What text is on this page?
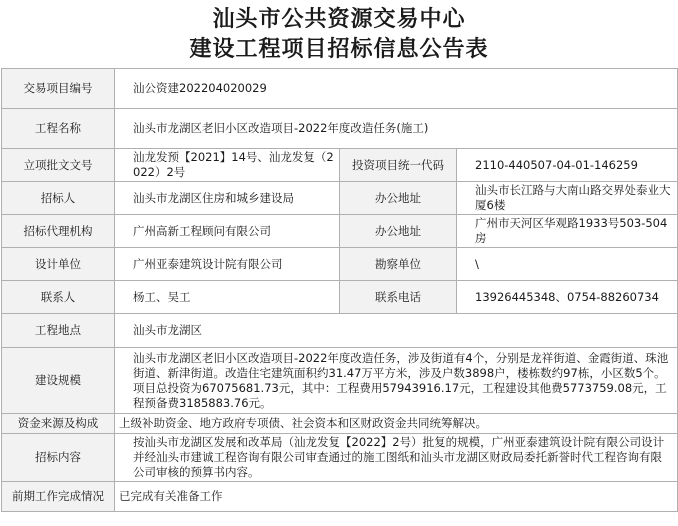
汕头市公共资源交易中心
建设工程项目招标信息公告表
交易项目编号	汕公资建202204020029		
工程名称	汕头市龙湖区老旧小区改造项目-2022年度改造任务(施工)		
立项批文文号	汕龙发预【2021】14号、汕龙发复（2022）2号	投资项目统一代码	2110-440507-04-01-146259
招标人	汕头市龙湖区住房和城乡建设局	办公地址	汕头市长江路与大南山路交界处泰业大厦6楼
招标代理机构	广州高新工程顾问有限公司	办公地址	广州市天河区华观路1933号503-504房
设计单位	广州亚泰建筑设计院有限公司	勘察单位	\
联系人	杨工、吴工	联系电话	13926445348、0754-88260734
工程地点	汕头市龙湖区		
建设规模	汕头市龙湖区老旧小区改造项目-2022年度改造任务，涉及街道有4个，分别是龙祥街道、金霞街道、珠池街道、新津街道。改造住宅建筑面积约31.47万平方米，涉及户数3898户，楼栋数约97栋，小区数5个。项目总投资为67075681.73元，其中：工程费用57943916.17元，工程建设其他费5773759.08元，工程预备费3185883.76元。		
资金来源及构成	上级补助资金、地方政府专项债、社会资本和区财政资金共同统筹解决。		
招标内容	按汕头市龙湖区发展和改革局（汕龙发复【2022】2号）批复的规模，广州亚泰建筑设计院有限公司设计并经汕头市建诚工程咨询有限公司审查通过的施工图纸和汕头市龙湖区财政局委托新誉时代工程咨询有限公司审核的预算书内容。		
前期工作完成情况	已完成有关准备工作		
